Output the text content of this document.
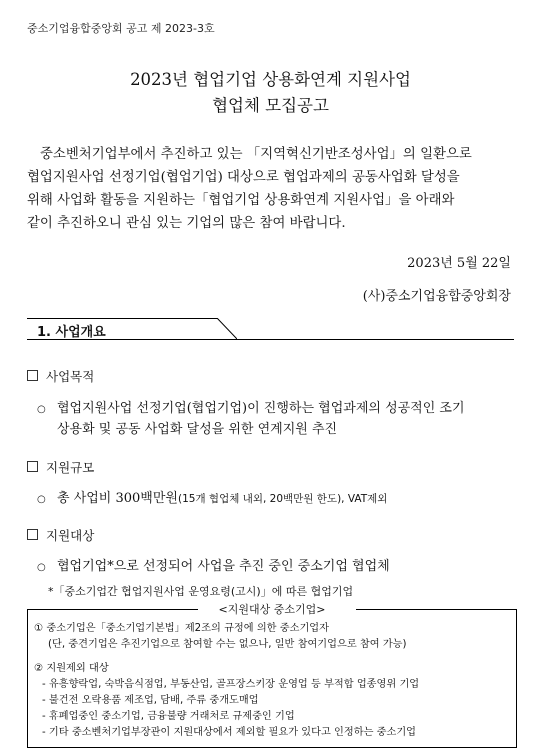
중소기업융합중앙회 공고 제 2023-3호
2023년 협업기업 상용화연계 지원사업
협업체 모집공고
중소벤처기업부에서 추진하고 있는 「지역혁신기반조성사업」의 일환으로
협업지원사업 선정기업(협업기업) 대상으로 협업과제의 공동사업화 달성을
위해 사업화 활동을 지원하는「협업기업 상용화연계 지원사업」을 아래와
같이 추진하오니 관심 있는 기업의 많은 참여 바랍니다.
2023년 5월 22일
(사)중소기업융합중앙회장
1. 사업개요
사업목적
○ 협업지원사업 선정기업(협업기업)이 진행하는 협업과제의 성공적인 조기
상용화 및 공동 사업화 달성을 위한 연계지원 추진
지원규모
○ 총 사업비 300백만원(15개 협업체 내외, 20백만원 한도), VAT제외
지원대상
○ 협업기업*으로 선정되어 사업을 추진 중인 중소기업 협업체
*「중소기업간 협업지원사업 운영요령(고시)」에 따른 협업기업
<지원대상 중소기업>
① 중소기업은「중소기업기본법」제2조의 규정에 의한 중소기업자
(단, 중견기업은 추진기업으로 참여할 수는 없으나, 일반 참여기업으로 참여 가능)
② 지원제외 대상
- 유흥향락업, 숙박음식점업, 부동산업, 골프장스키장 운영업 등 부적합 업종영위 기업
- 불건전 오락용품 제조업, 담배, 주류 중개도매업
- 휴폐업중인 중소기업, 금융불량 거래처로 규제중인 기업
- 기타 중소벤처기업부장관이 지원대상에서 제외할 필요가 있다고 인정하는 중소기업
